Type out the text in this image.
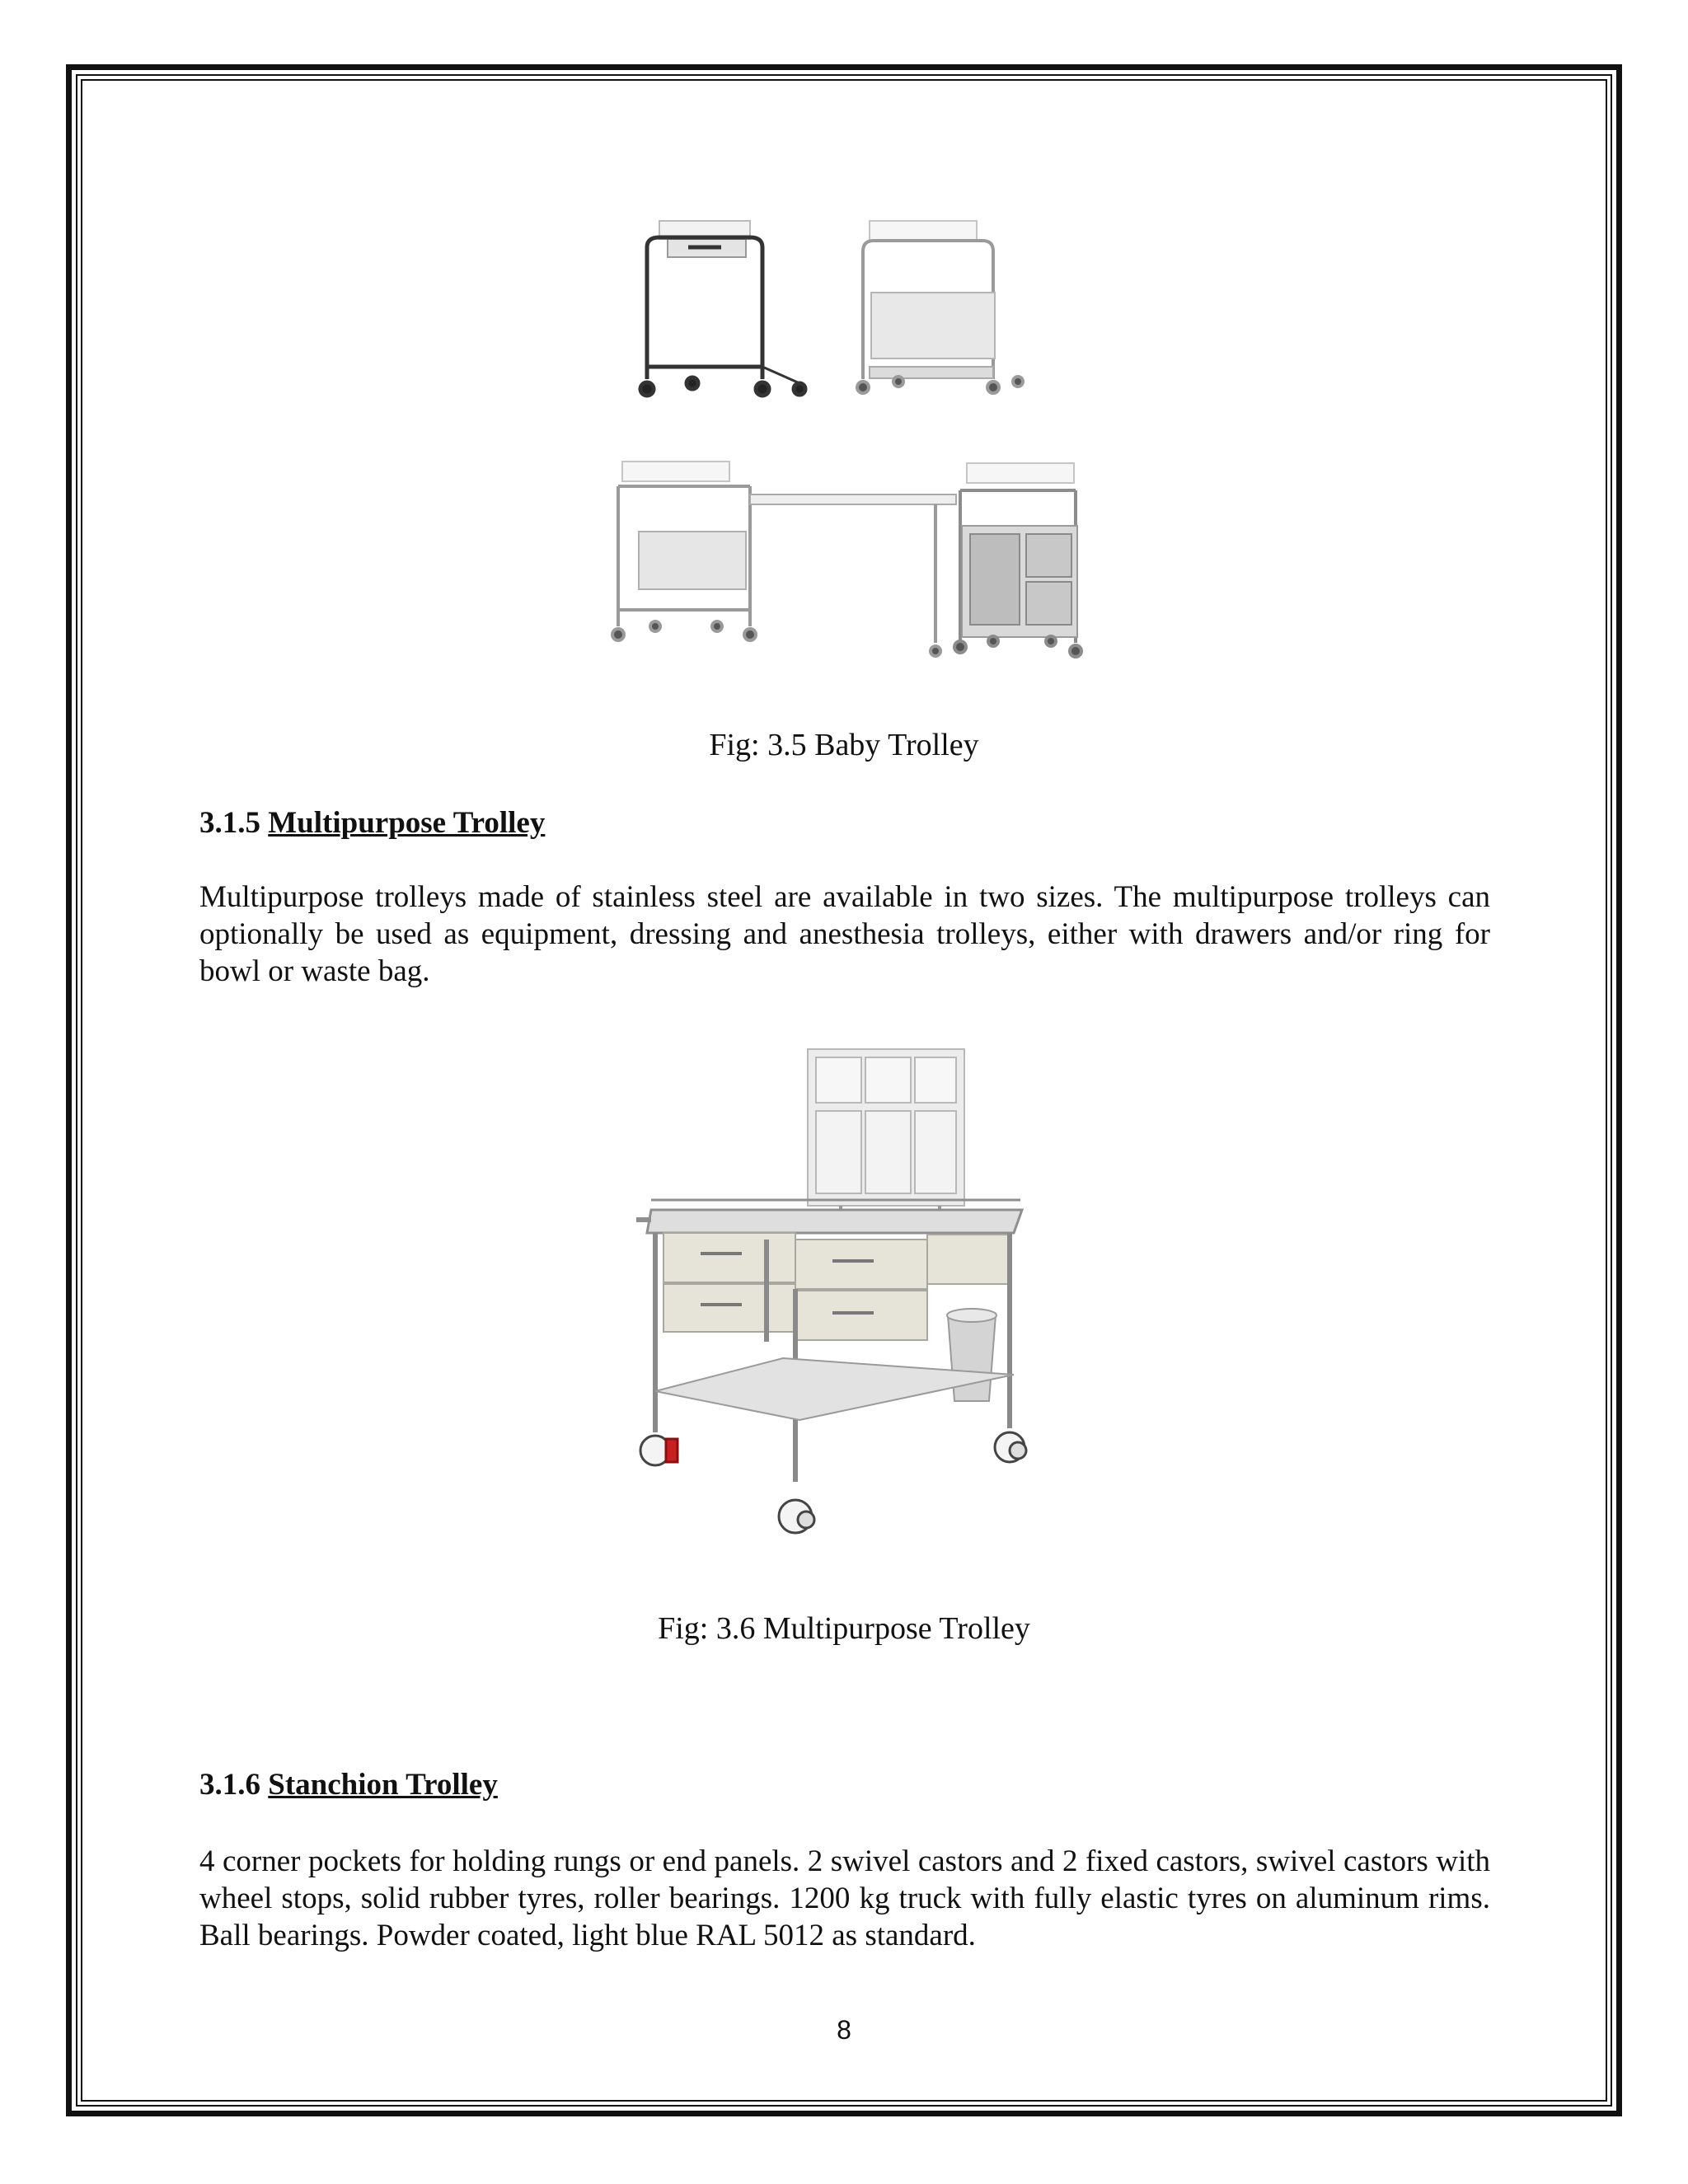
Fig: 3.5 Baby Trolley
3.1.5 Multipurpose Trolley
Multipurpose trolleys made of stainless steel are available in two sizes. The multipurpose trolleys can optionally be used as equipment, dressing and anesthesia trolleys, either with drawers and/or ring for bowl or waste bag.
Fig: 3.6 Multipurpose Trolley
3.1.6 Stanchion Trolley
4 corner pockets for holding rungs or end panels. 2 swivel castors and 2 fixed castors, swivel castors with wheel stops, solid rubber tyres, roller bearings. 1200 kg truck with fully elastic tyres on aluminum rims. Ball bearings. Powder coated, light blue RAL 5012 as standard.
8
